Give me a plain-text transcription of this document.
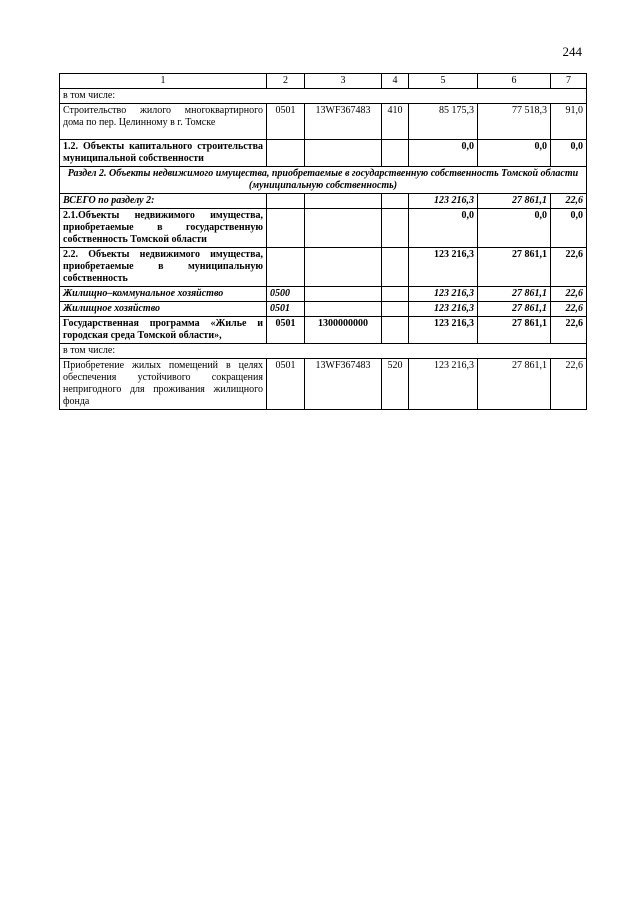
244
1	2	3	4	5	6	7
в том числе:						
Строительство жилого многоквартирного дома по пер. Целинному в г. Томске	0501	13WF367483	410	85 175,3	77 518,3	91,0
1.2. Объекты капитального строительства муниципальной собственности				0,0	0,0	0,0
Раздел 2. Объекты недвижимого имущества, приобретаемые в государственную собственность Томской области (муниципальную собственность)						
ВСЕГО по разделу 2:				123 216,3	27 861,1	22,6
2.1.Объекты недвижимого имущества, приобретаемые в государственную собственность Томской области				0,0	0,0	0,0
2.2. Объекты недвижимого имущества, приобретаемые в муниципальную собственность				123 216,3	27 861,1	22,6
Жилищно–коммунальное хозяйство	0500			123 216,3	27 861,1	22,6
Жилищное хозяйство	0501			123 216,3	27 861,1	22,6
Государственная программа «Жилье и городская среда Томской области»,	0501	1300000000		123 216,3	27 861,1	22,6
в том числе:						
Приобретение жилых помещений в целях обеспечения устойчивого сокращения непригодного для проживания жилищного фонда	0501	13WF367483	520	123 216,3	27 861,1	22,6
